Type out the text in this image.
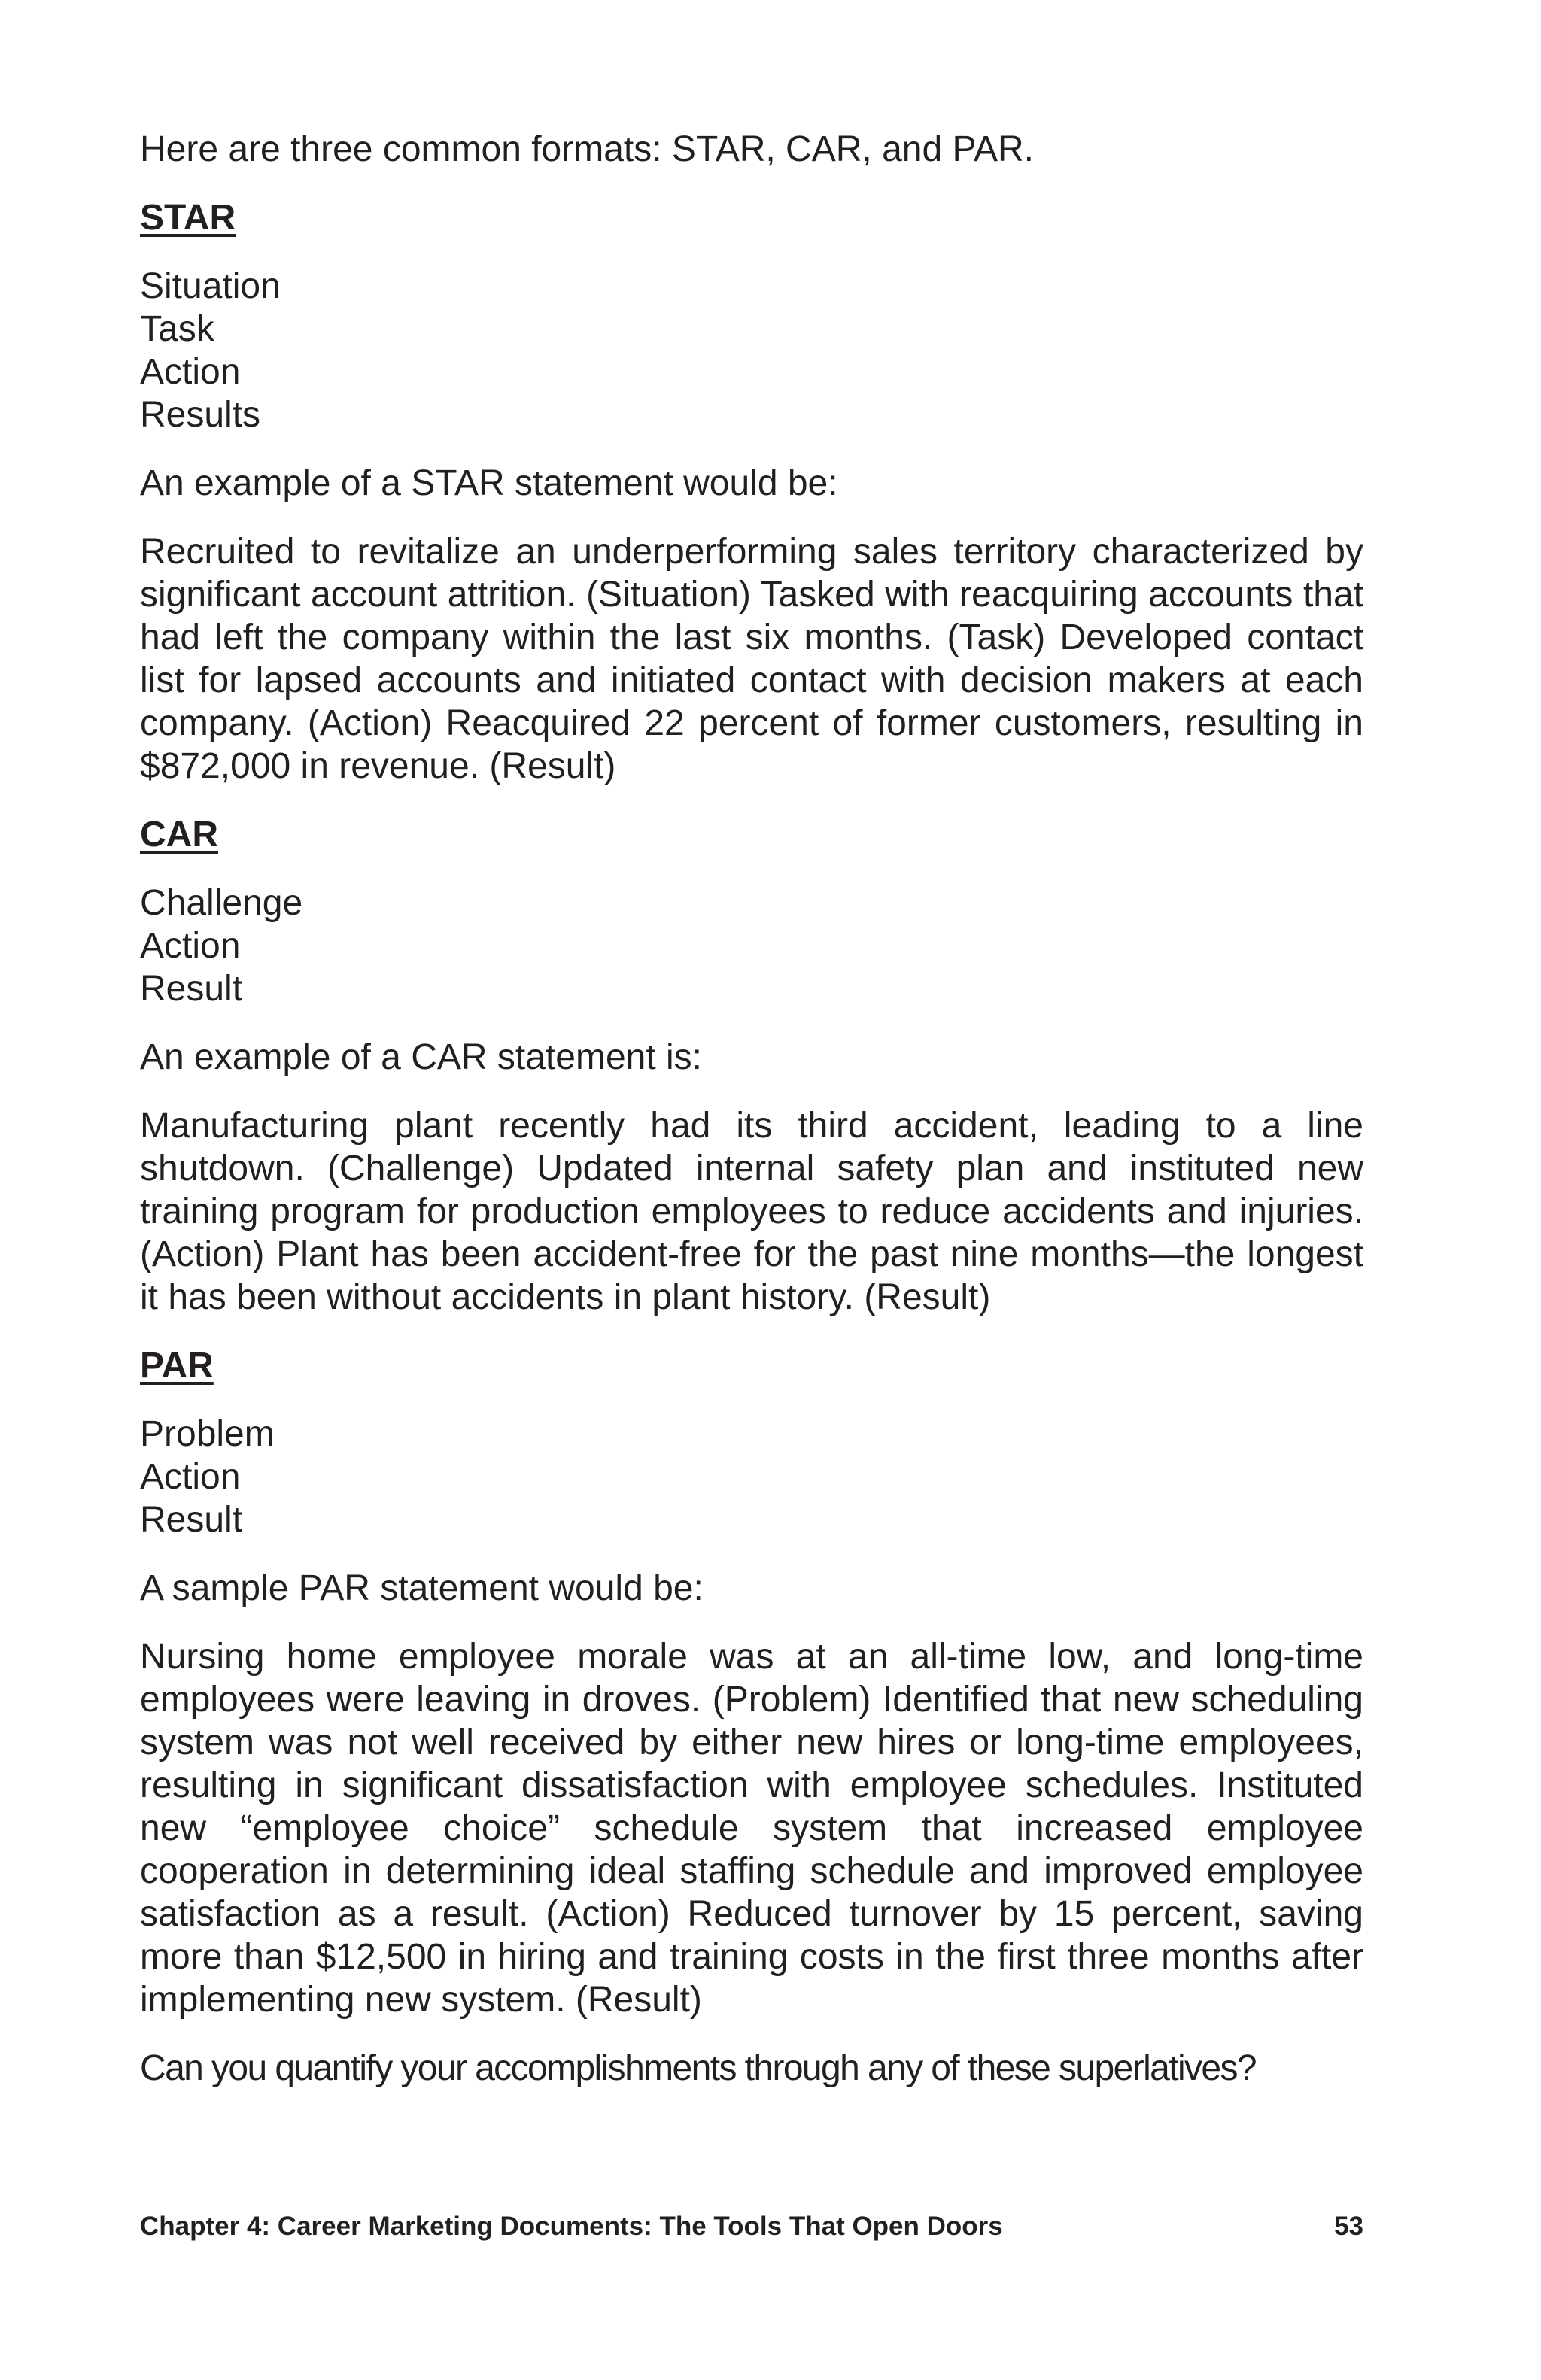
Here are three common formats: STAR, CAR, and PAR.

STAR
Situation
Task
Action
Results

An example of a STAR statement would be:

Recruited to revitalize an underperforming sales territory characterized by significant account attrition. (Situation) Tasked with reacquiring accounts that had left the company within the last six months. (Task) Developed contact list for lapsed accounts and initiated contact with decision makers at each company. (Action) Reacquired 22 percent of former customers, resulting in $872,000 in revenue. (Result)

CAR
Challenge
Action
Result

An example of a CAR statement is:

Manufacturing plant recently had its third accident, leading to a line shutdown. (Challenge) Updated internal safety plan and instituted new training program for production employees to reduce accidents and injuries. (Action) Plant has been accident-free for the past nine months—the longest it has been without accidents in plant history. (Result)

PAR
Problem
Action
Result

A sample PAR statement would be:

Nursing home employee morale was at an all-time low, and long-time employees were leaving in droves. (Problem) Identified that new scheduling system was not well received by either new hires or long-time employees, resulting in significant dissatisfaction with employee schedules. Instituted new “employee choice” schedule system that increased employee cooperation in determining ideal staffing schedule and improved employee satisfaction as a result. (Action) Reduced turnover by 15 percent, saving more than $12,500 in hiring and training costs in the first three months after implementing new system. (Result)

Can you quantify your accomplishments through any of these superlatives?

Chapter 4: Career Marketing Documents: The Tools That Open Doors	53
